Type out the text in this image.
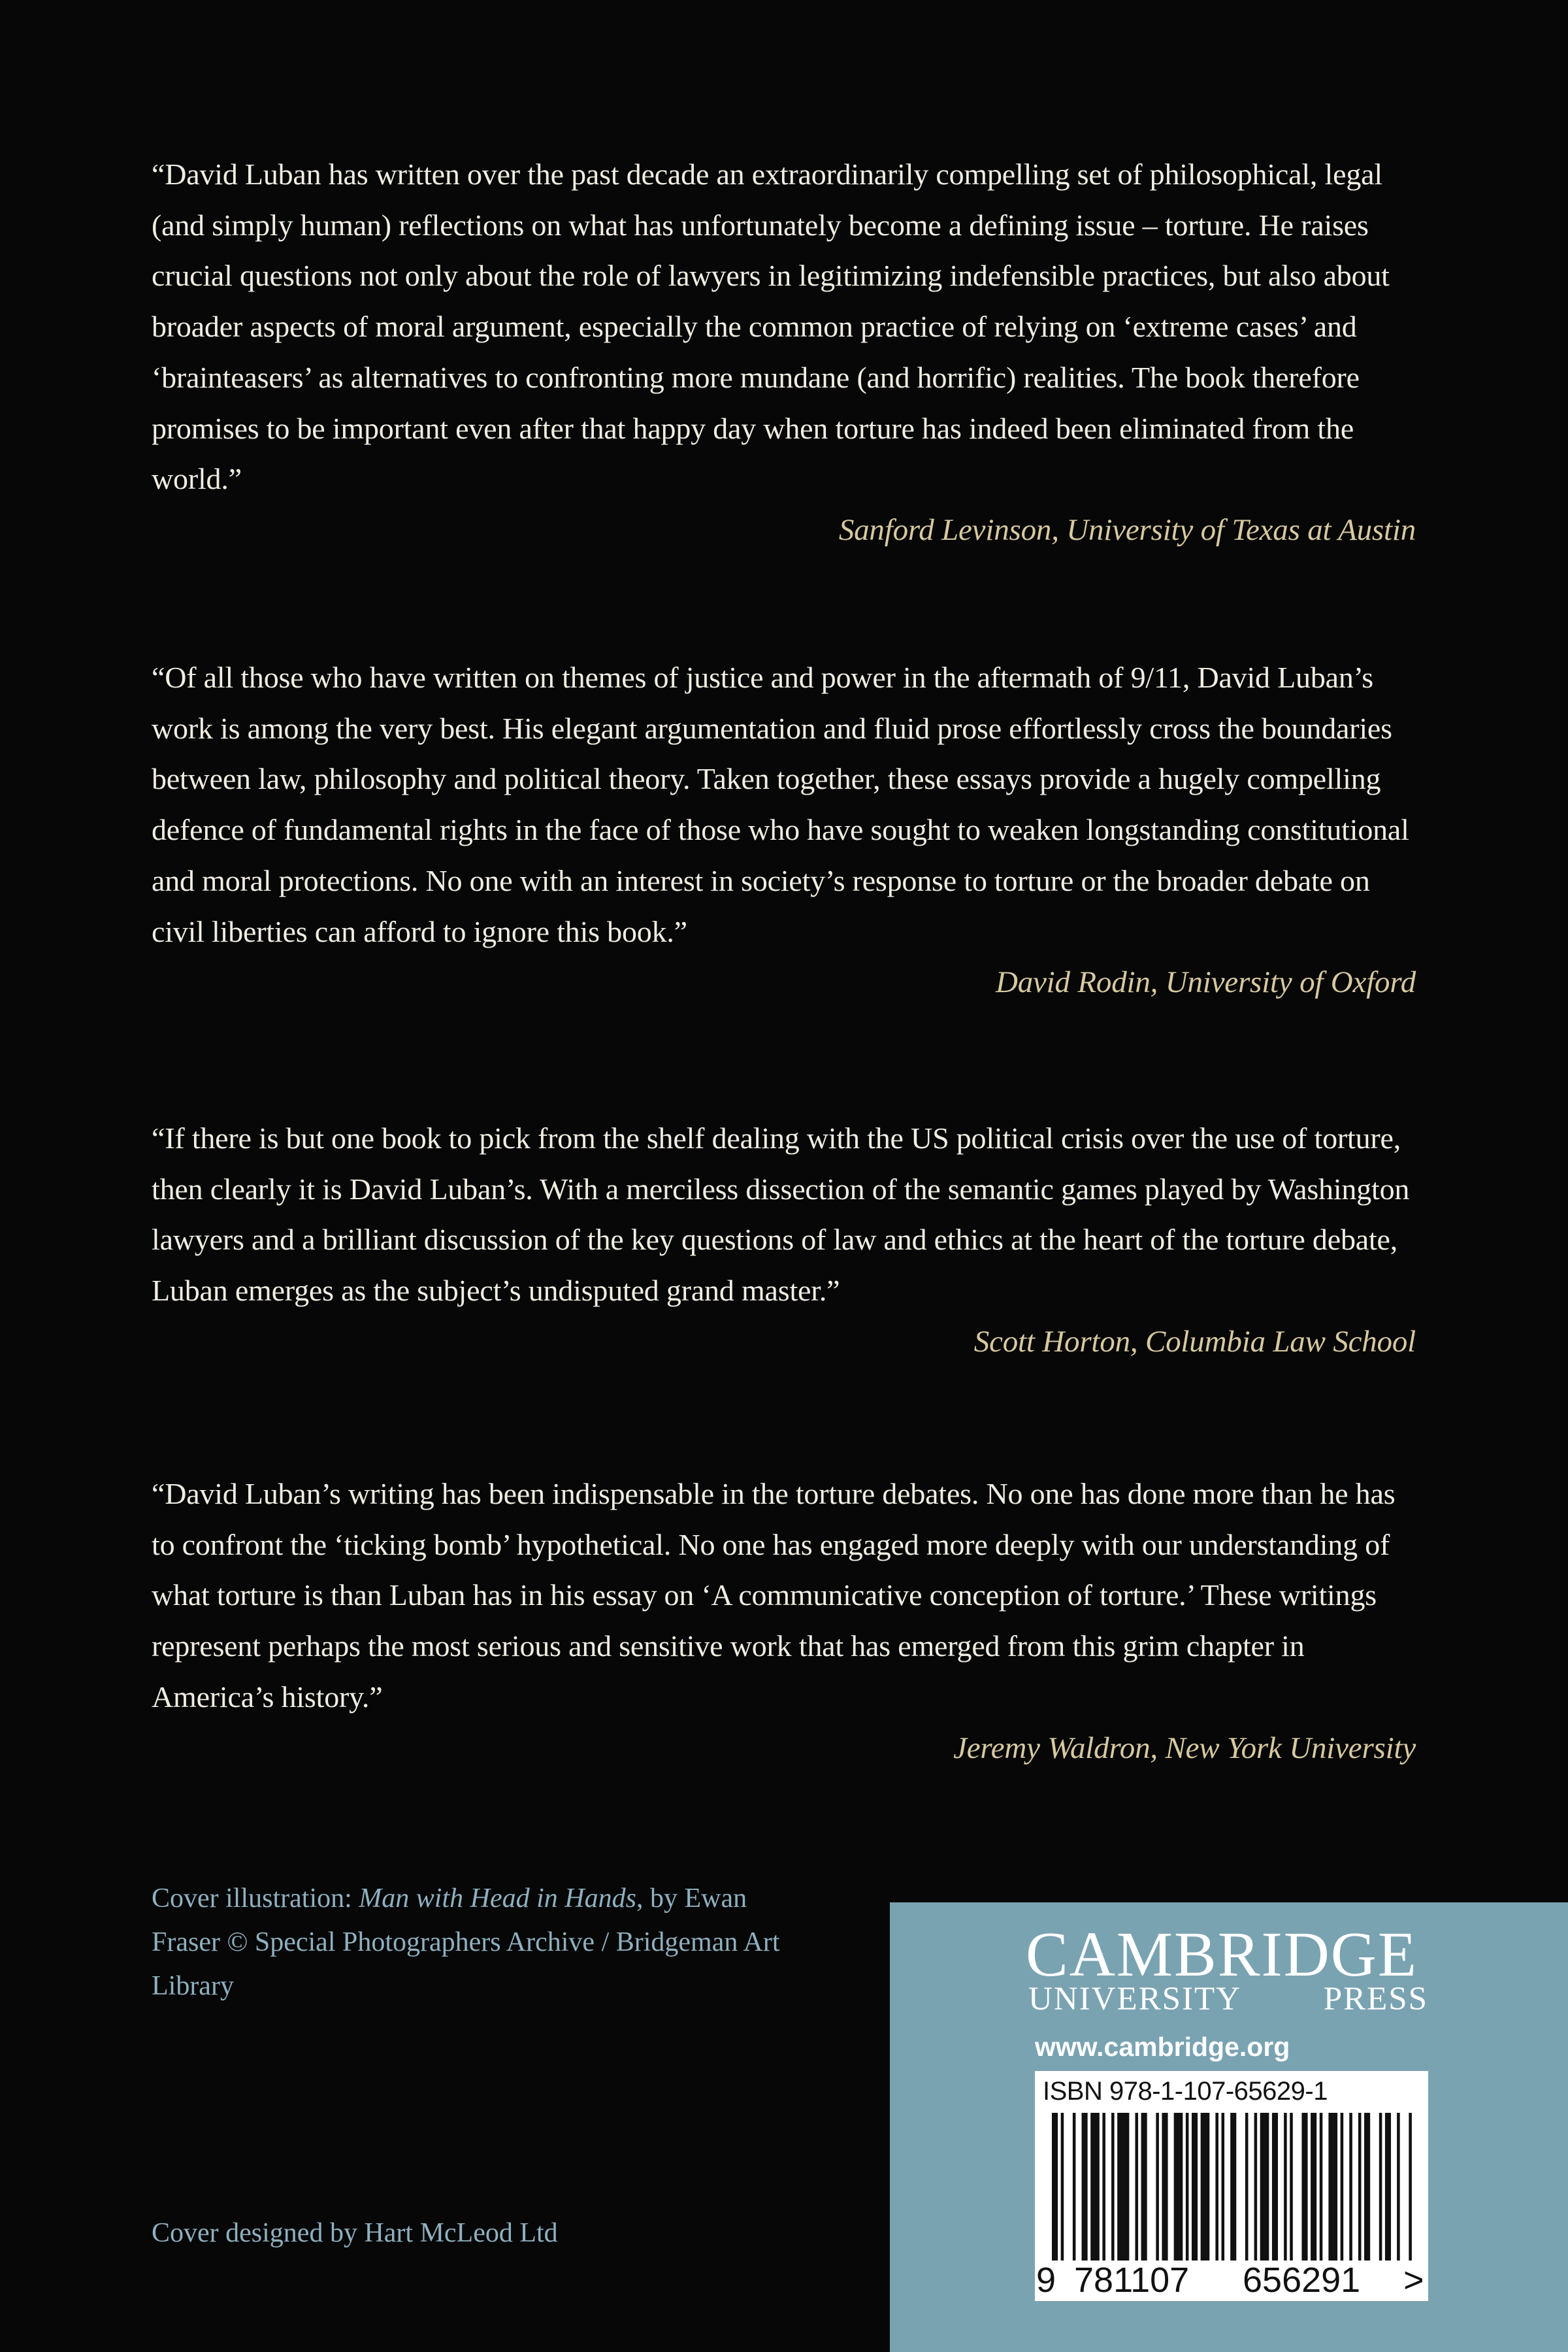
“David Luban has written over the past decade an extraordinarily compelling set of philosophical, legal (and simply human) reflections on what has unfortunately become a defining issue – torture. He raises crucial questions not only about the role of lawyers in legitimizing indefensible practices, but also about broader aspects of moral argument, especially the common practice of relying on ‘extreme cases’ and ‘brainteasers’ as alternatives to confronting more mundane (and horrific) realities. The book therefore promises to be important even after that happy day when torture has indeed been eliminated from the world.”

Sanford Levinson, University of Texas at Austin

“Of all those who have written on themes of justice and power in the aftermath of 9/11, David Luban’s work is among the very best. His elegant argumentation and fluid prose effortlessly cross the boundaries between law, philosophy and political theory. Taken together, these essays provide a hugely compelling defence of fundamental rights in the face of those who have sought to weaken longstanding constitutional and moral protections. No one with an interest in society’s response to torture or the broader debate on civil liberties can afford to ignore this book.”

David Rodin, University of Oxford

“If there is but one book to pick from the shelf dealing with the US political crisis over the use of torture, then clearly it is David Luban’s. With a merciless dissection of the semantic games played by Washington lawyers and a brilliant discussion of the key questions of law and ethics at the heart of the torture debate, Luban emerges as the subject’s undisputed grand master.”

Scott Horton, Columbia Law School

“David Luban’s writing has been indispensable in the torture debates. No one has done more than he has to confront the ‘ticking bomb’ hypothetical. No one has engaged more deeply with our understanding of what torture is than Luban has in his essay on ‘A communicative conception of torture.’ These writings represent perhaps the most serious and sensitive work that has emerged from this grim chapter in America’s history.”

Jeremy Waldron, New York University

Cover illustration: Man with Head in Hands, by Ewan Fraser © Special Photographers Archive / Bridgeman Art Library
Cover designed by Hart McLeod Ltd
CAMBRIDGE
UNIVERSITY PRESS
www.cambridge.org
ISBN 978-1-107-65629-1
9 781107 656291 >
